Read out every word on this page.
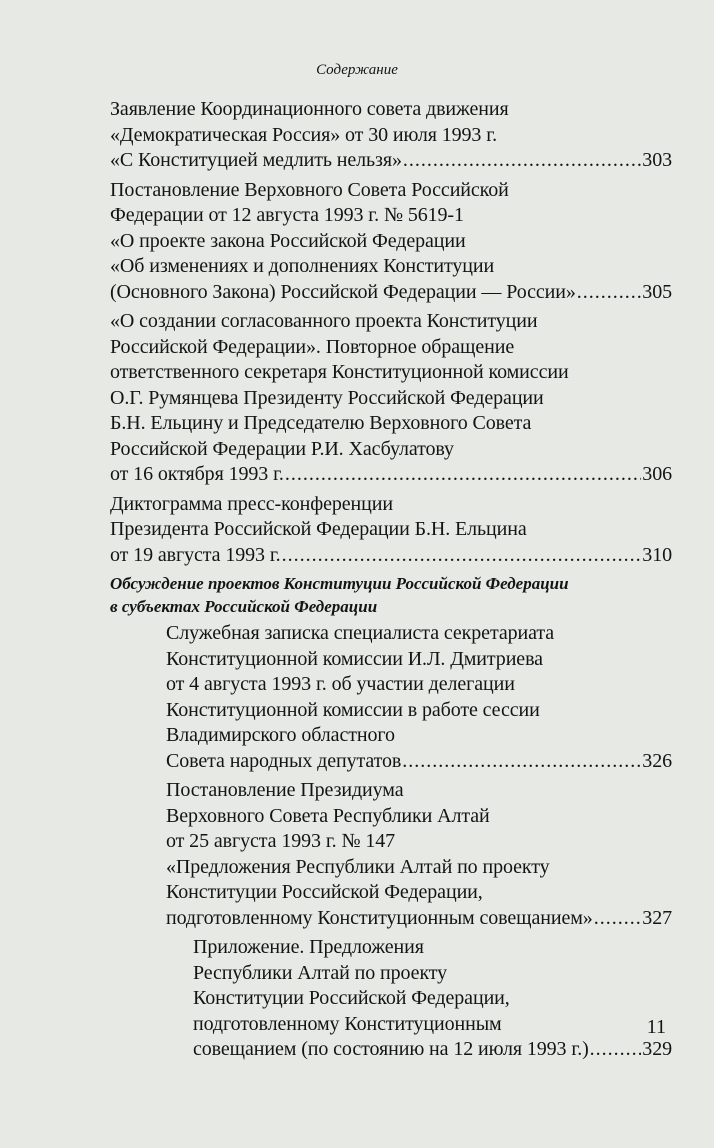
Содержание
Заявление Координационного совета движения
«Демократическая Россия» от 30 июля 1993 г.
«С Конституцией медлить нельзя» .....	303
Постановление Верховного Совета Российской
Федерации от 12 августа 1993 г. № 5619-1
«О проекте закона Российской Федерации
«Об изменениях и дополнениях Конституции
(Основного Закона) Российской Федерации — России» .....	305
«О создании согласованного проекта Конституции
Российской Федерации». Повторное обращение
ответственного секретаря Конституционной комиссии
О.Г. Румянцева Президенту Российской Федерации
Б.Н. Ельцину и Председателю Верховного Совета
Российской Федерации Р.И. Хасбулатову
от 16 октября 1993 г. .....	306
Диктограмма пресс-конференции
Президента Российской Федерации Б.Н. Ельцина
от 19 августа 1993 г. .....	310
Обсуждение проектов Конституции Российской Федерации
в субъектах Российской Федерации
Служебная записка специалиста секретариата
Конституционной комиссии И.Л. Дмитриева
от 4 августа 1993 г. об участии делегации
Конституционной комиссии в работе сессии
Владимирского областного
Совета народных депутатов .....	326
Постановление Президиума
Верховного Совета Республики Алтай
от 25 августа 1993 г. № 147
«Предложения Республики Алтай по проекту
Конституции Российской Федерации,
подготовленному Конституционным совещанием» ..... 327
Приложение. Предложения
Республики Алтай по проекту
Конституции Российской Федерации,
подготовленному Конституционным
совещанием (по состоянию на 12 июля 1993 г.) .....	329
11
